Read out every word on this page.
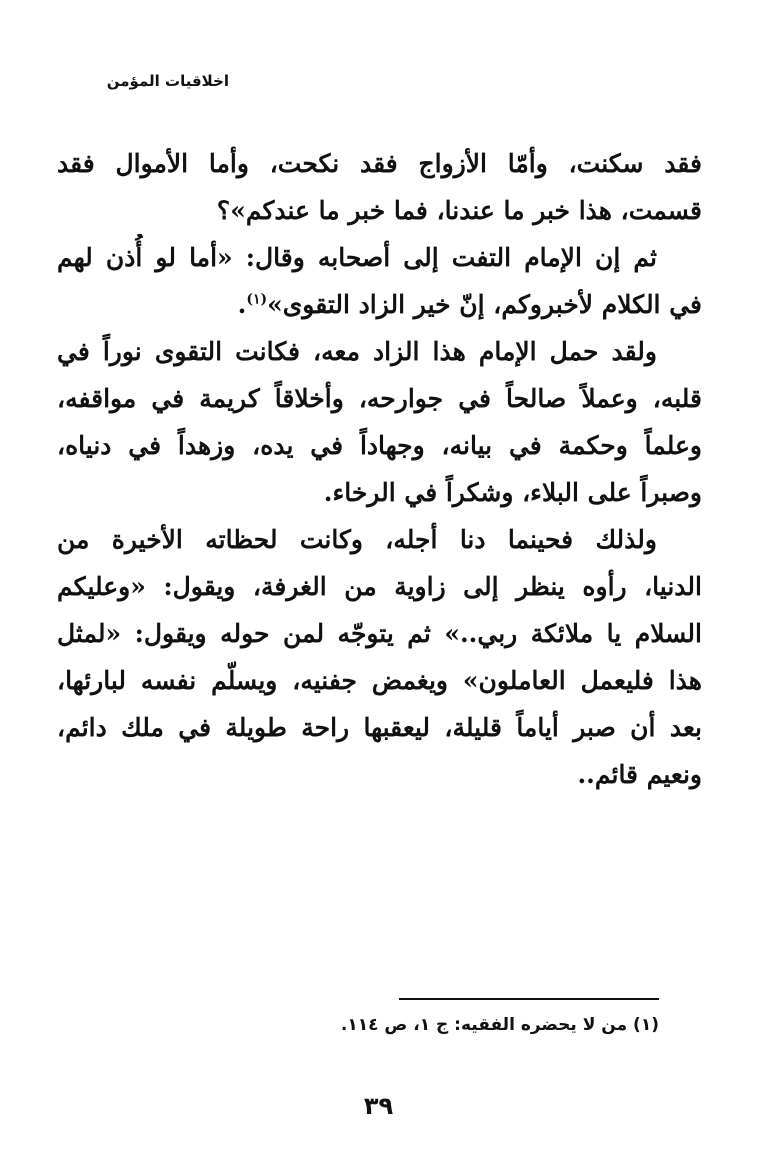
اخلاقيات المؤمن
فقد سكنت، وأمّا الأزواج فقد نكحت، وأما الأموال فقد
قسمت، هذا خبر ما عندنا، فما خبر ما عندكم»؟
ثم إن الإمام التفت إلى أصحابه وقال: «أما لو أُذن لهم
في الكلام لأخبروكم، إنّ خير الزاد التقوى»$^{(١)}$.
ولقد حمل الإمام هذا الزاد معه، فكانت التقوى نوراً في
قلبه، وعملاً صالحاً في جوارحه، وأخلاقاً كريمة في مواقفه،
وعلماً وحكمة في بيانه، وجهاداً في يده، وزهداً في دنياه،
وصبراً على البلاء، وشكراً في الرخاء.
ولذلك فحينما دنا أجله، وكانت لحظاته الأخيرة من
الدنيا، رأوه ينظر إلى زاوية من الغرفة، ويقول: «وعليكم
السلام يا ملائكة ربي..» ثم يتوجّه لمن حوله ويقول: «لمثل
هذا فليعمل العاملون» ويغمض جفنيه، ويسلّم نفسه لبارئها،
بعد أن صبر أياماً قليلة، ليعقبها راحة طويلة في ملك دائم،
ونعيم قائم..
(١) من لا يحضره الفقيه: ج ١، ص ١١٤.
٣٩
